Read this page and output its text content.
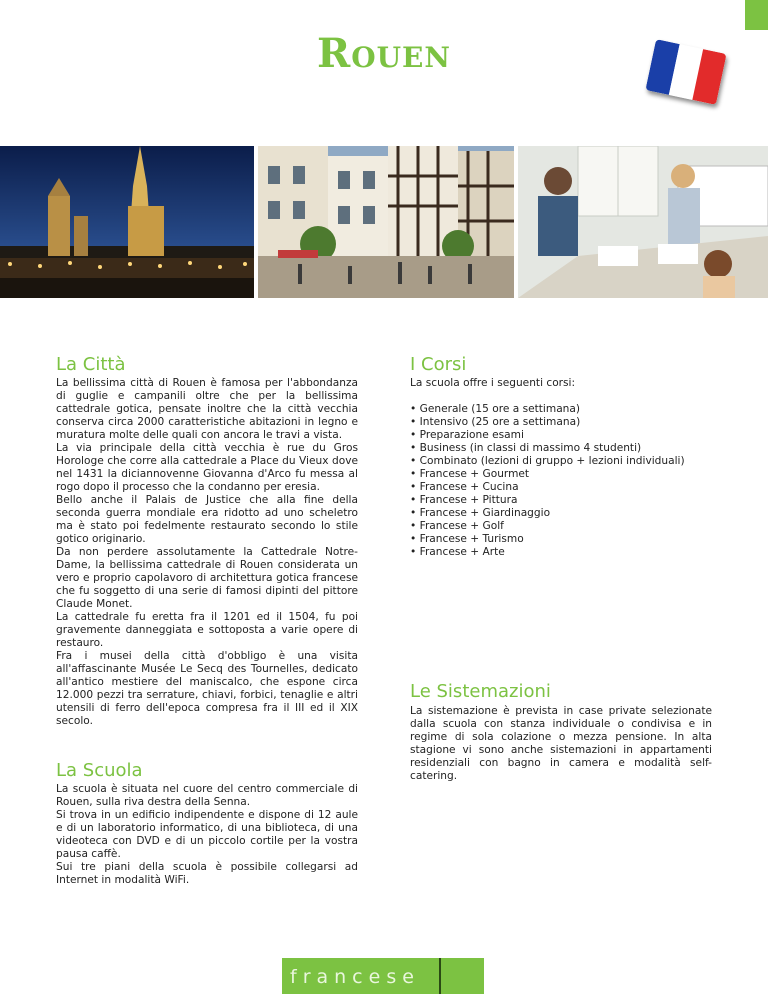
Rouen
La Città

La bellissima città di Rouen è famosa per l'abbondanza di guglie e campanili oltre che per la bellissima cattedrale gotica, pensate inoltre che la città vecchia conserva circa 2000 caratteristiche abitazioni in legno e muratura molte delle quali con ancora le travi a vista.

La via principale della città vecchia è rue du Gros Horologe che corre alla cattedrale a Place du Vieux dove nel 1431 la diciannovenne Giovanna d'Arco fu messa al rogo dopo il processo che la condanno per eresia.

Bello anche il Palais de Justice che alla fine della seconda guerra mondiale era ridotto ad uno scheletro ma è stato poi fedelmente restaurato secondo lo stile gotico originario.

Da non perdere assolutamente la Cattedrale Notre-Dame, la bellissima cattedrale di Rouen considerata un vero e proprio capolavoro di architettura gotica francese che fu soggetto di una serie di famosi dipinti del pittore Claude Monet.

La cattedrale fu eretta fra il 1201 ed il 1504, fu poi gravemente danneggiata e sottoposta a varie opere di restauro.

Fra i musei della città d'obbligo è una visita all'affascinante Musée Le Secq des Tournelles, dedicato all'antico mestiere del maniscalco, che espone circa 12.000 pezzi tra serrature, chiavi, forbici, tenaglie e altri utensili di ferro dell'epoca compresa fra il III ed il XIX secolo.

I Corsi

La scuola offre i seguenti corsi:

• Generale (15 ore a settimana)
• Intensivo (25 ore a settimana)
• Preparazione esami
• Business (in classi di massimo 4 studenti)
• Combinato (lezioni di gruppo + lezioni individuali)
• Francese + Gourmet
• Francese + Cucina
• Francese + Pittura
• Francese + Giardinaggio
• Francese + Golf
• Francese + Turismo
• Francese + Arte
Le Sistemazioni

La sistemazione è prevista in case private selezionate dalla scuola con stanza individuale o condivisa e in regime di sola colazione o mezza pensione. In alta stagione vi sono anche sistemazioni in appartamenti residenziali con bagno in camera e modalità self-catering.

La Scuola

La scuola è situata nel cuore del centro commerciale di Rouen, sulla riva destra della Senna.

Si trova in un edificio indipendente e dispone di 12 aule e di un laboratorio informatico, di una biblioteca, di una videoteca con DVD e di un piccolo cortile per la vostra pausa caffè.

Sui tre piani della scuola è possibile collegarsi ad Internet in modalità WiFi.

francese
